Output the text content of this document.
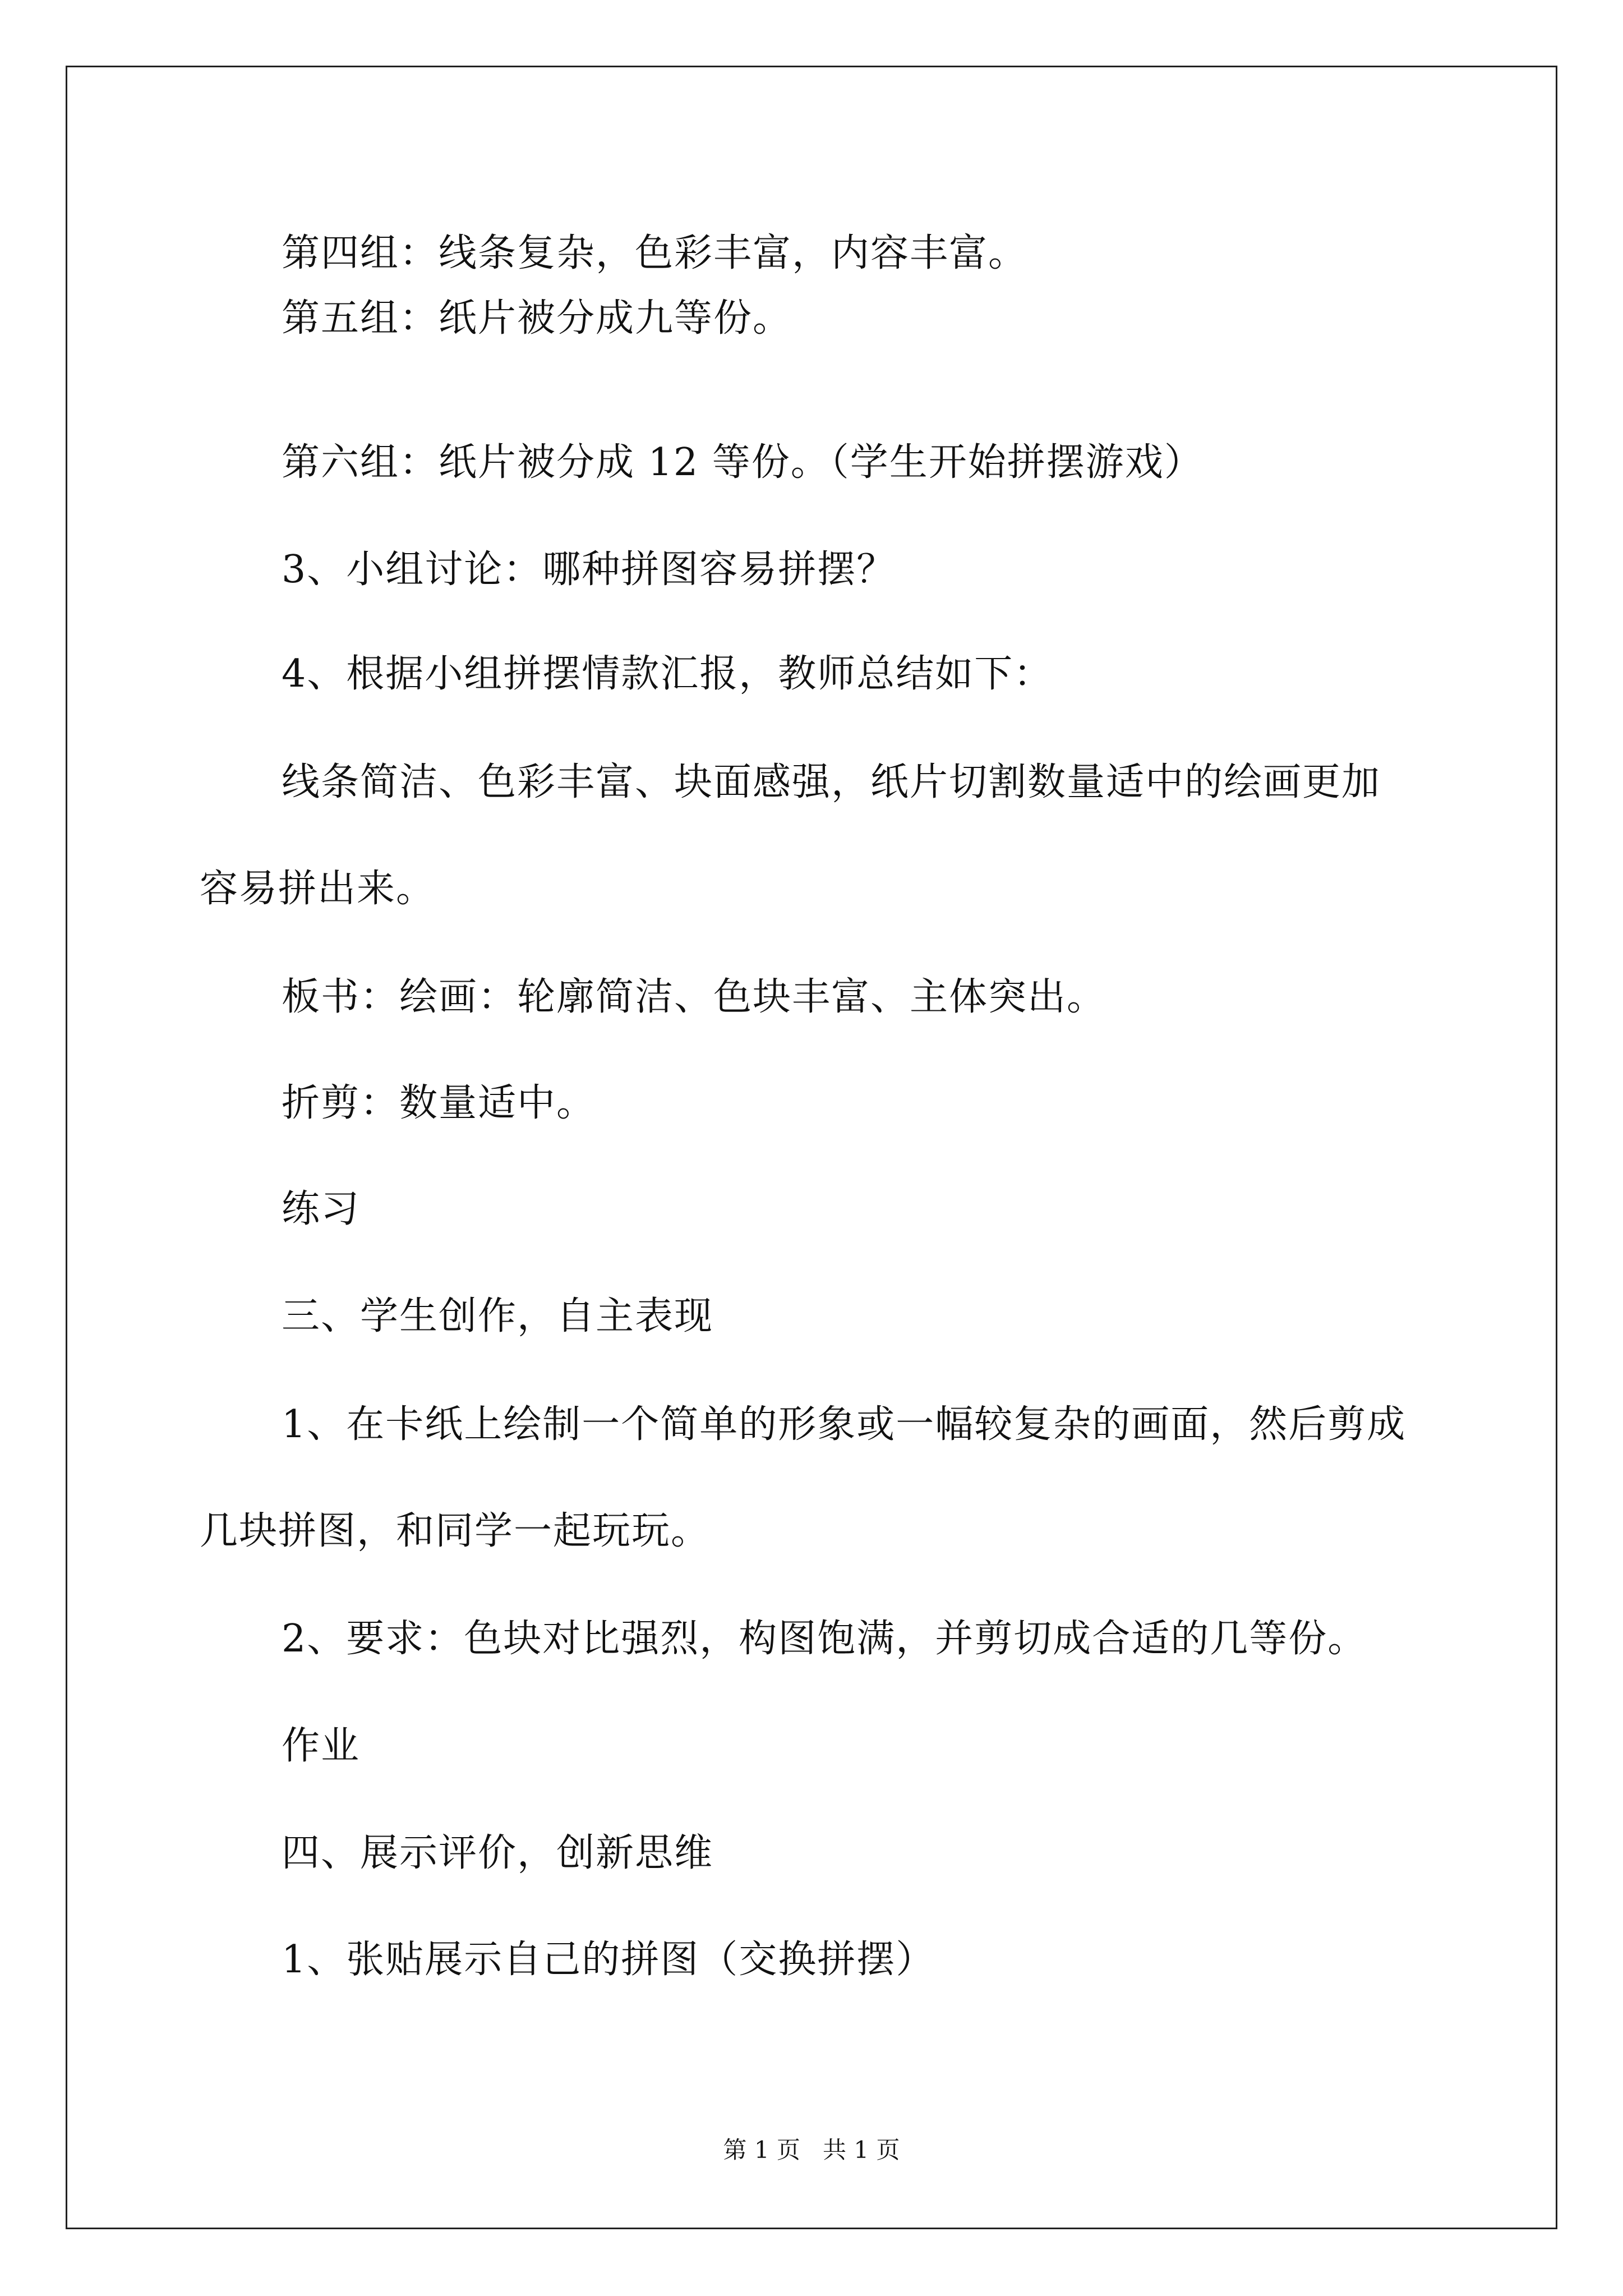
第四组：线条复杂，色彩丰富，内容丰富。
第五组：纸片被分成九等份。
第六组：纸片被分成 12 等份。（学生开始拼摆游戏）
3、小组讨论：哪种拼图容易拼摆？
4、根据小组拼摆情款汇报，教师总结如下：
线条简洁、色彩丰富、块面感强，纸片切割数量适中的绘画更加
容易拼出来。
板书：绘画：轮廓简洁、色块丰富、主体突出。
折剪：数量适中。
练习
三、学生创作，自主表现
1、在卡纸上绘制一个简单的形象或一幅较复杂的画面，然后剪成
几块拼图，和同学一起玩玩。
2、要求：色块对比强烈，构图饱满，并剪切成合适的几等份。
作业
四、展示评价，创新思维
1、张贴展示自己的拼图（交换拼摆）
第 1 页   共 1 页
